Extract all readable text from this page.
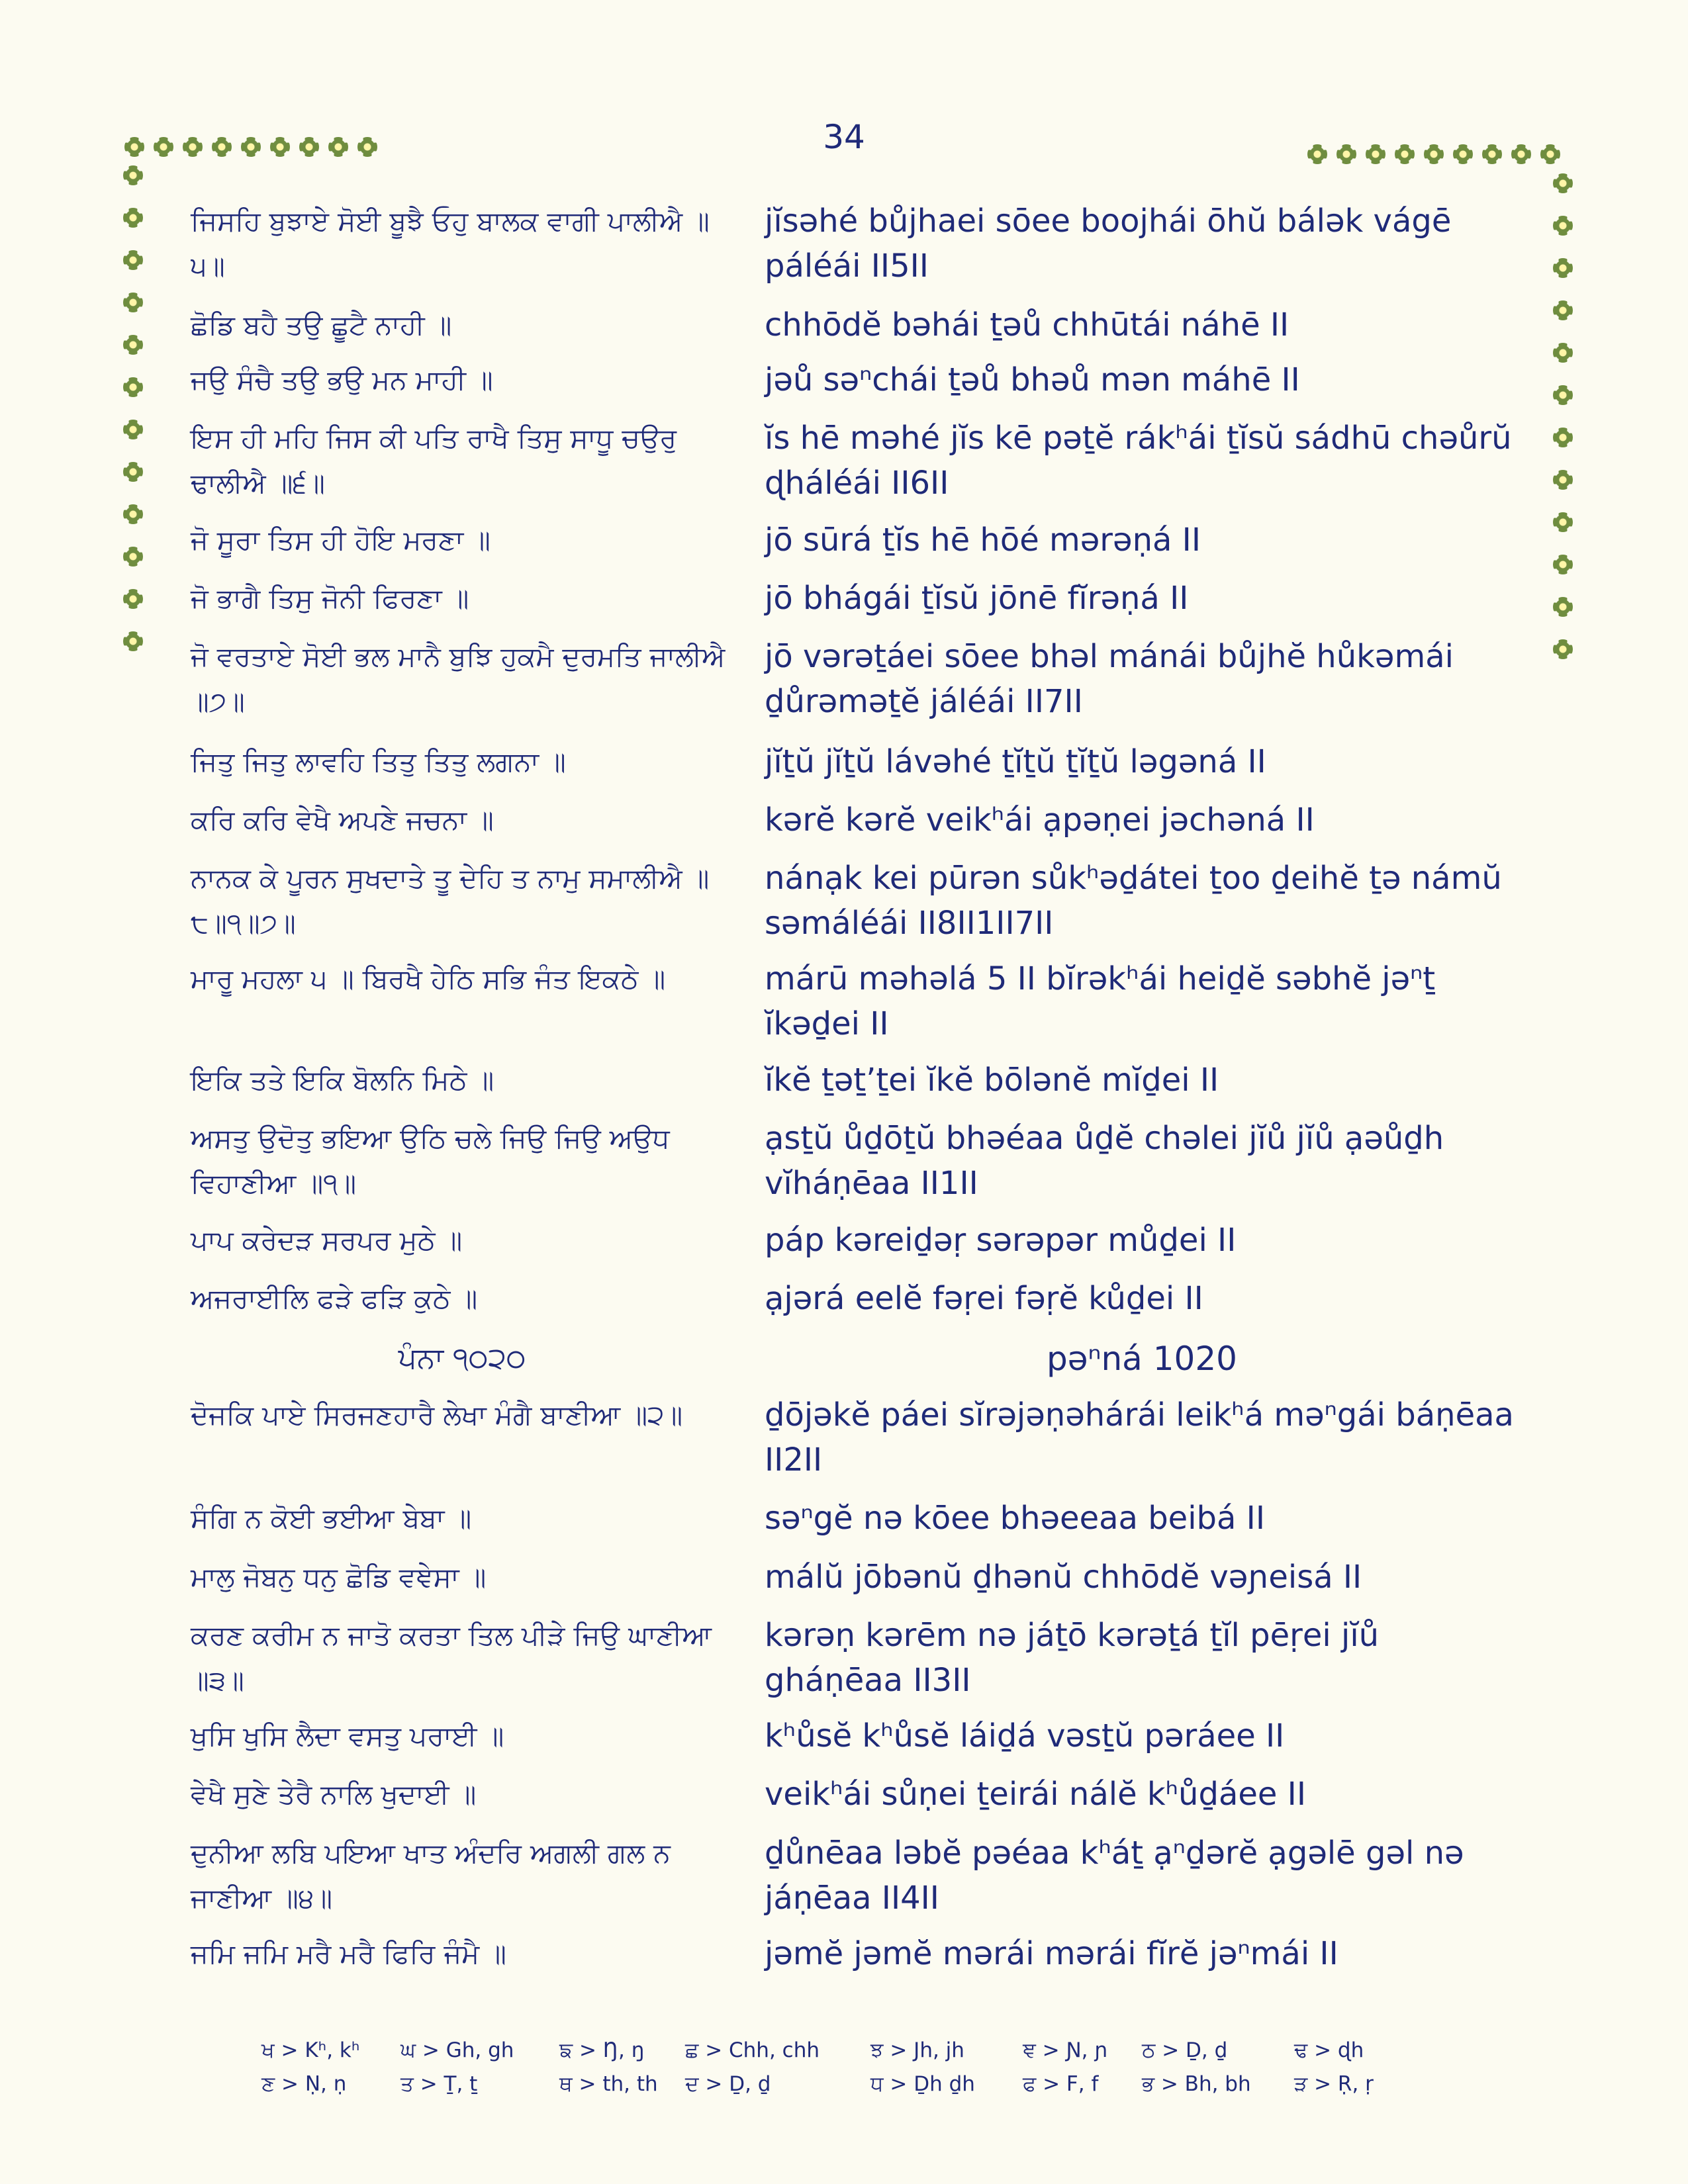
34
ਜਿਸਹਿ ਬੁਝਾਏ ਸੋਈ ਬੂਝੈ ਓਹੁ ਬਾਲਕ ਵਾਗੀ ਪਾਲੀਐ ॥੫॥
jĭsəhé bůjhaei sōee boojhái ōhŭ bálək vágē páléái II5II
ਛੋਡਿ ਬਹੈ ਤਉ ਛੂਟੈ ਨਾਹੀ ॥	chhōdĕ bəhái ṯəů chhūtái náhē II
ਜਉ ਸੰਚੈ ਤਉ ਭਉ ਮਨ ਮਾਹੀ ॥	jəů səⁿchái ṯəů bhəů mən máhē II
ਇਸ ਹੀ ਮਹਿ ਜਿਸ ਕੀ ਪਤਿ ਰਾਖੈ ਤਿਸੁ ਸਾਧੂ ਚਉਰੁ ਢਾਲੀਐ ॥੬॥
ĭs hē məhé jĭs kē pəṯĕ rákʰái ṯĭsŭ sádhū chəůrŭ ɖháléái II6II
ਜੋ ਸੂਰਾ ਤਿਸ ਹੀ ਹੋਇ ਮਰਣਾ ॥	jō sūrá ṯĭs hē hōé mərəṇá II
ਜੋ ਭਾਗੈ ਤਿਸੁ ਜੋਨੀ ਫਿਰਣਾ ॥	jō bhágái ṯĭsŭ jōnē fĭrəṇá II
ਜੋ ਵਰਤਾਏ ਸੋਈ ਭਲ ਮਾਨੈ ਬੁਝਿ ਹੁਕਮੈ ਦੁਰਮਤਿ ਜਾਲੀਐ ॥੭॥
jō vərəṯáei sōee bhəl mánái bůjhĕ hůkəmái ḏůrəməṯĕ jáléái II7II
ਜਿਤੁ ਜਿਤੁ ਲਾਵਹਿ ਤਿਤੁ ਤਿਤੁ ਲਗਨਾ ॥	jĭṯŭ jĭṯŭ lávəhé ṯĭṯŭ ṯĭṯŭ ləgəná II
ਕਰਿ ਕਰਿ ਵੇਖੈ ਅਪਣੇ ਜਚਨਾ ॥	kərĕ kərĕ veikʰái ạpəṇei jəchəná II
ਨਾਨਕ ਕੇ ਪੂਰਨ ਸੁਖਦਾਤੇ ਤੂ ਦੇਹਿ ਤ ਨਾਮੁ ਸਮਾਲੀਐ ॥੮॥੧॥੭॥
nánạk kei pūrən sůkʰəḏátei ṯoo ḏeihĕ ṯə námŭ səmáléái II8II1II7II
ਮਾਰੂ ਮਹਲਾ ੫ ॥ ਬਿਰਖੈ ਹੇਠਿ ਸਭਿ ਜੰਤ ਇਕਠੇ ॥	márū məhəlá 5 II bĭrəkʰái heiḏĕ səbhĕ jəⁿṯ ĭkəḏei II
ਇਕਿ ਤਤੇ ਇਕਿ ਬੋਲਨਿ ਮਿਠੇ ॥	ĭkĕ ṯəṯ’ṯei ĭkĕ bōlənĕ mĭḏei II
ਅਸਤੁ ਉਦੋਤੁ ਭਇਆ ਉਠਿ ਚਲੇ ਜਿਉ ਜਿਉ ਅਉਧ ਵਿਹਾਣੀਆ ॥੧॥
ạsṯŭ ůḏōṯŭ bhəéaa ůḏĕ chəlei jĭů jĭů ạəůḏh vĭháṇēaa II1II
ਪਾਪ ਕਰੇਦੜ ਸਰਪਰ ਮੁਠੇ ॥	páp kəreiḏəṛ sərəpər můḏei II
ਅਜਰਾਈਲਿ ਫੜੇ ਫੜਿ ਕੁਠੇ ॥	ạjərá eelĕ fəṛei fəṛĕ kůḏei II
ਪੰਨਾ ੧੦੨੦	pəⁿná 1020
ਦੋਜਕਿ ਪਾਏ ਸਿਰਜਣਹਾਰੈ ਲੇਖਾ ਮੰਗੈ ਬਾਣੀਆ ॥੨॥	ḏōjəkĕ páei sĭrəjəṇəhárái leikʰá məⁿgái báṇēaa II2II
ਸੰਗਿ ਨ ਕੋਈ ਭਈਆ ਬੇਬਾ ॥	səⁿgĕ nə kōee bhəeeaa beibá II
ਮਾਲੁ ਜੋਬਨੁ ਧਨੁ ਛੋਡਿ ਵਞੇਸਾ ॥	málŭ jōbənŭ ḏhənŭ chhōdĕ vəɲeisá II
ਕਰਣ ਕਰੀਮ ਨ ਜਾਤੋ ਕਰਤਾ ਤਿਲ ਪੀੜੇ ਜਿਉ ਘਾਣੀਆ ॥੩॥
kərəṇ kərēm nə jáṯō kərəṯá ṯĭl pēṛei jĭů gháṇēaa II3II
ਖੁਸਿ ਖੁਸਿ ਲੈਦਾ ਵਸਤੁ ਪਰਾਈ ॥	kʰůsĕ kʰůsĕ láiḏá vəsṯŭ pəráee II
ਵੇਖੈ ਸੁਣੇ ਤੇਰੈ ਨਾਲਿ ਖੁਦਾਈ ॥	veikʰái sůṇei ṯeirái nálĕ kʰůḏáee II
ਦੁਨੀਆ ਲਬਿ ਪਇਆ ਖਾਤ ਅੰਦਰਿ ਅਗਲੀ ਗਲ ਨ ਜਾਣੀਆ ॥੪॥
ḏůnēaa ləbĕ pəéaa kʰáṯ ạⁿḏərĕ ạgəlē gəl nə jáṇēaa II4II
ਜਮਿ ਜਮਿ ਮਰੈ ਮਰੈ ਫਿਰਿ ਜੰਮੈ ॥	jəmĕ jəmĕ mərái mərái fĭrĕ jəⁿmái II
ਖ > Kʰ, kʰ ਘ > Gh, gh ਙ > Ŋ, ŋ ਛ > Chh, chh ਝ > Jh, jh	ਞ > Ɲ, ɲ ਠ > Ḏ, ḏ	ਢ > ɖh
ਣ > Ṇ, ṇ	ਤ > Ṯ, ṯ	ਥ > th, th ਦ > Ḏ, ḏ	ਧ > Ḏh ḏh ਫ > F, f ਭ > Bh, bh ੜ > Ṛ, ṛ
